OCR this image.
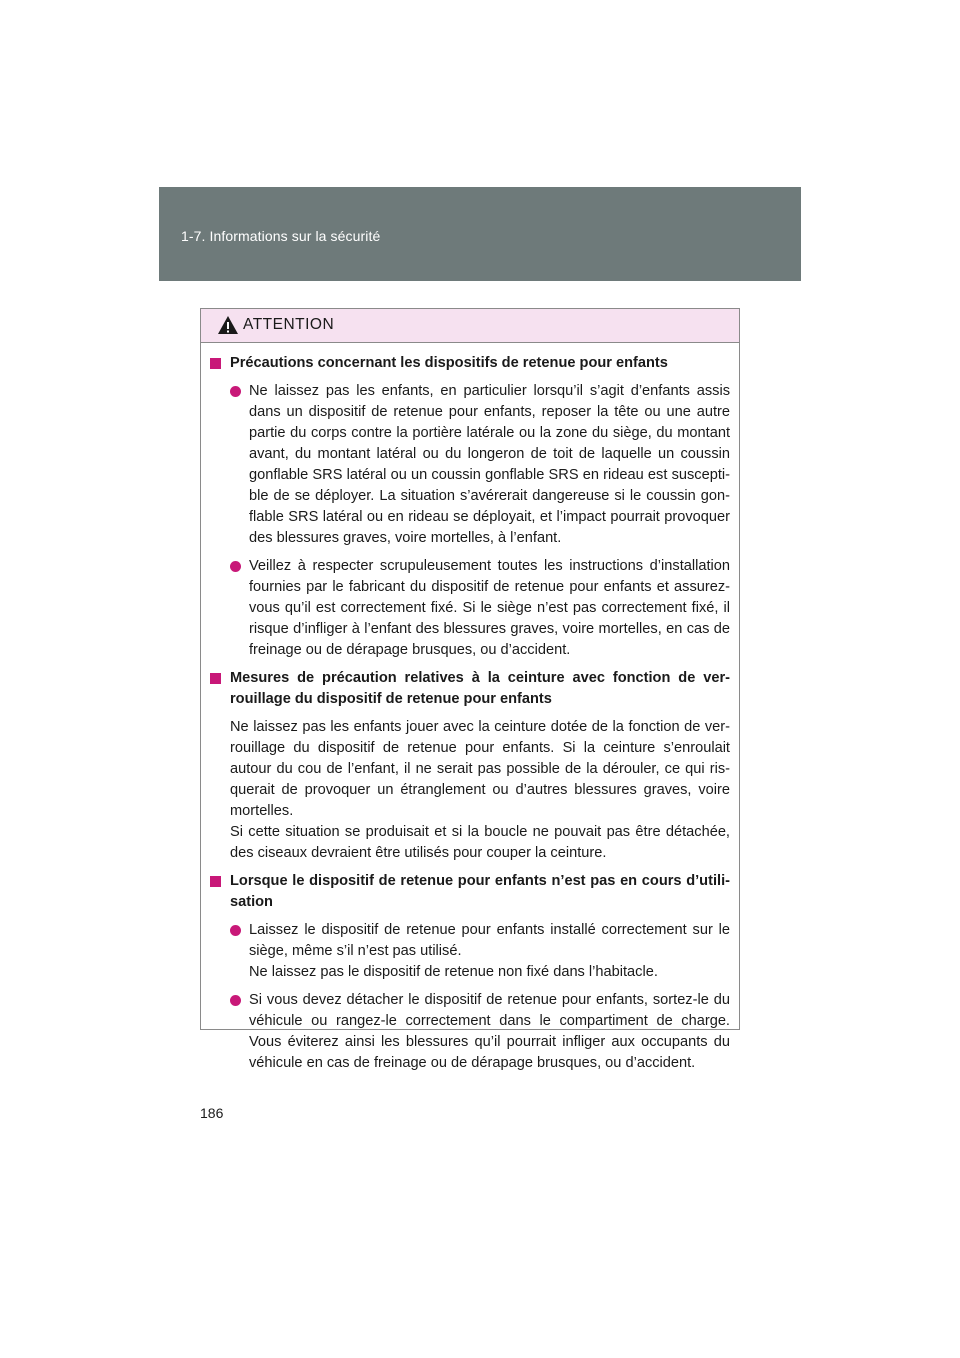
1-7. Informations sur la sécurité
ATTENTION
Précautions concernant les dispositifs de retenue pour enfants
Ne laissez pas les enfants, en particulier lorsqu’il s’agit d’enfants assis dans un dispositif de retenue pour enfants, reposer la tête ou une autre partie du corps contre la portière latérale ou la zone du siège, du montant avant, du montant latéral ou du longeron de toit de laquelle un coussin gonflable SRS latéral ou un coussin gonflable SRS en rideau est suscepti-ble de se déployer. La situation s’avérerait dangereuse si le coussin gon-flable SRS latéral ou en rideau se déployait, et l’impact pourrait provoquer des blessures graves, voire mortelles, à l’enfant.
Veillez à respecter scrupuleusement toutes les instructions d’installation fournies par le fabricant du dispositif de retenue pour enfants et assurez-vous qu’il est correctement fixé. Si le siège n’est pas correctement fixé, il risque d’infliger à l’enfant des blessures graves, voire mortelles, en cas de freinage ou de dérapage brusques, ou d’accident.
Mesures de précaution relatives à la ceinture avec fonction de ver-rouillage du dispositif de retenue pour enfants
Ne laissez pas les enfants jouer avec la ceinture dotée de la fonction de ver-rouillage du dispositif de retenue pour enfants. Si la ceinture s’enroulait autour du cou de l’enfant, il ne serait pas possible de la dérouler, ce qui ris-querait de provoquer un étranglement ou d’autres blessures graves, voire mortelles.
Si cette situation se produisait et si la boucle ne pouvait pas être détachée, des ciseaux devraient être utilisés pour couper la ceinture.
Lorsque le dispositif de retenue pour enfants n’est pas en cours d’utili-sation
Laissez le dispositif de retenue pour enfants installé correctement sur le siège, même s’il n’est pas utilisé.
Ne laissez pas le dispositif de retenue non fixé dans l’habitacle.
Si vous devez détacher le dispositif de retenue pour enfants, sortez-le du véhicule ou rangez-le correctement dans le compartiment de charge. Vous éviterez ainsi les blessures qu’il pourrait infliger aux occupants du véhicule en cas de freinage ou de dérapage brusques, ou d’accident.
186
